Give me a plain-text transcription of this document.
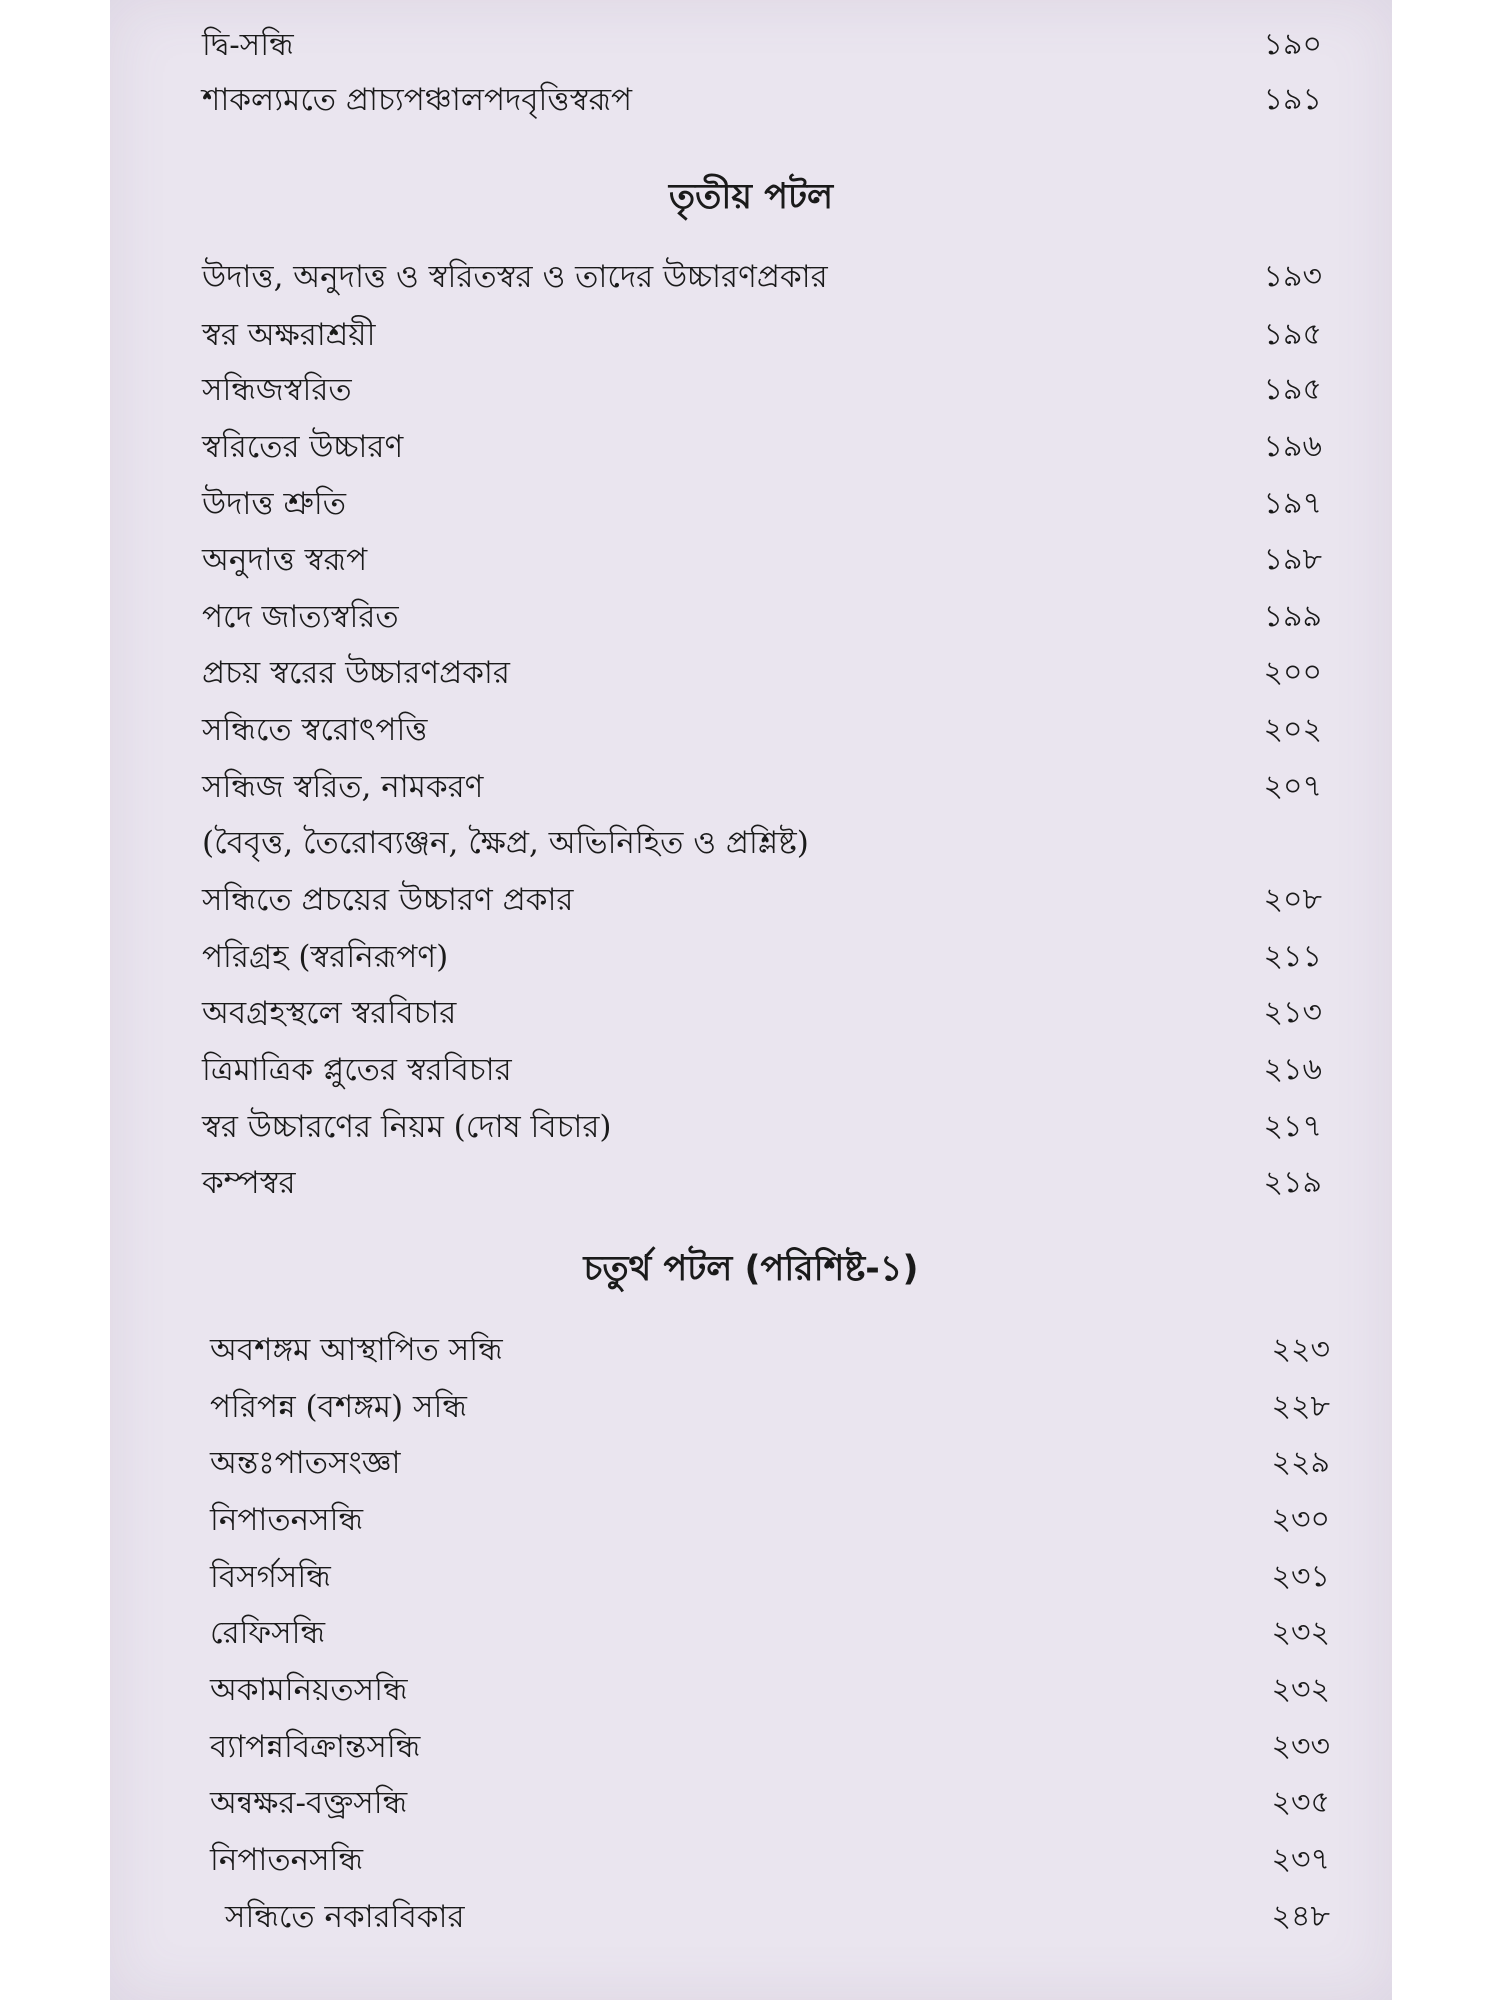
দ্বি-সন্ধি	১৯০
শাকল্যমতে প্রাচ্যপঞ্চালপদবৃত্তিস্বরূপ	১৯১
তৃতীয় পটল
উদাত্ত, অনুদাত্ত ও স্বরিতস্বর ও তাদের উচ্চারণপ্রকার	১৯৩
স্বর অক্ষরাশ্রয়ী	১৯৫
সন্ধিজস্বরিত	১৯৫
স্বরিতের উচ্চারণ	১৯৬
উদাত্ত শ্রুতি	১৯৭
অনুদাত্ত স্বরূপ	১৯৮
পদে জাত্যস্বরিত	১৯৯
প্রচয় স্বরের উচ্চারণপ্রকার	২০০
সন্ধিতে স্বরোৎপত্তি	২০২
সন্ধিজ স্বরিত, নামকরণ	২০৭
(বৈবৃত্ত, তৈরোব্যঞ্জন, ক্ষৈপ্র, অভিনিহিত ও প্রশ্লিষ্ট)
সন্ধিতে প্রচয়ের উচ্চারণ প্রকার	২০৮
পরিগ্রহ (স্বরনিরূপণ)	২১১
অবগ্রহস্থলে স্বরবিচার	২১৩
ত্রিমাত্রিক প্লুতের স্বরবিচার	২১৬
স্বর উচ্চারণের নিয়ম (দোষ বিচার)	২১৭
কম্পস্বর	২১৯
চতুর্থ পটল (পরিশিষ্ট-১)
অবশঙ্গম আস্থাপিত সন্ধি	২২৩
পরিপন্ন (বশঙ্গম) সন্ধি	২২৮
অন্তঃপাতসংজ্ঞা	২২৯
নিপাতনসন্ধি	২৩০
বিসর্গসন্ধি	২৩১
রেফিসন্ধি	২৩২
অকামনিয়তসন্ধি	২৩২
ব্যাপন্নবিক্রান্তসন্ধি	২৩৩
অন্বক্ষর-বক্ত্রসন্ধি	২৩৫
নিপাতনসন্ধি	২৩৭
সন্ধিতে নকারবিকার	২৪৮
